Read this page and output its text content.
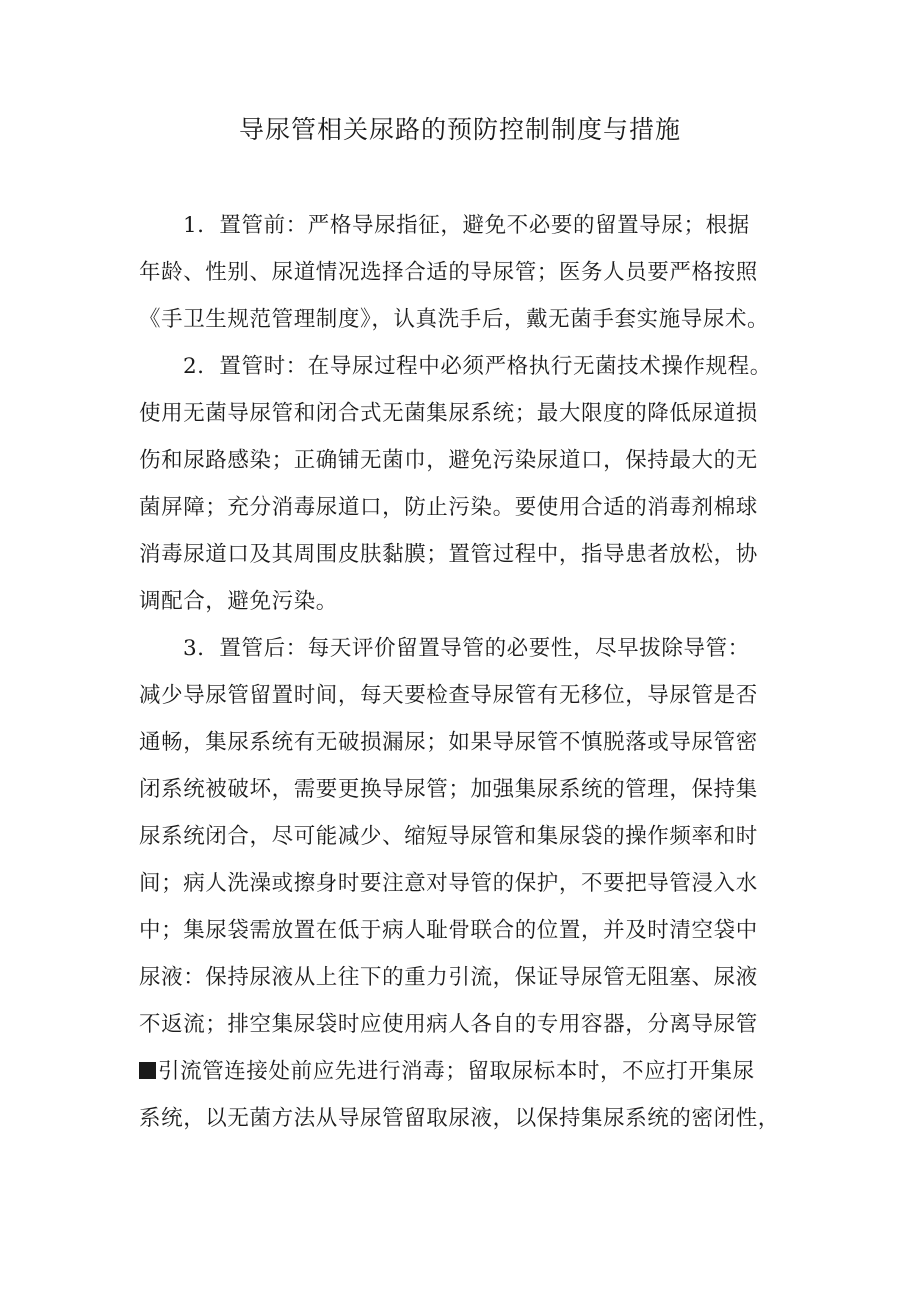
导尿管相关尿路的预防控制制度与措施

1．置管前：严格导尿指征，避免不必要的留置导尿；根据
年龄、性别、尿道情况选择合适的导尿管；医务人员要严格按照
《手卫生规范管理制度》，认真洗手后，戴无菌手套实施导尿术。

2．置管时：在导尿过程中必须严格执行无菌技术操作规程。
使用无菌导尿管和闭合式无菌集尿系统；最大限度的降低尿道损
伤和尿路感染；正确铺无菌巾，避免污染尿道口，保持最大的无
菌屏障；充分消毒尿道口，防止污染。要使用合适的消毒剂棉球
消毒尿道口及其周围皮肤黏膜；置管过程中，指导患者放松，协
调配合，避免污染。

3．置管后：每天评价留置导管的必要性，尽早拔除导管：
减少导尿管留置时间，每天要检查导尿管有无移位，导尿管是否
通畅，集尿系统有无破损漏尿；如果导尿管不慎脱落或导尿管密
闭系统被破坏，需要更换导尿管；加强集尿系统的管理，保持集
尿系统闭合，尽可能减少、缩短导尿管和集尿袋的操作频率和时
间；病人洗澡或擦身时要注意对导管的保护，不要把导管浸入水
中；集尿袋需放置在低于病人耻骨联合的位置，并及时清空袋中
尿液：保持尿液从上往下的重力引流，保证导尿管无阻塞、尿液
不返流；排空集尿袋时应使用病人各自的专用容器，分离导尿管
引流管连接处前应先进行消毒；留取尿标本时，不应打开集尿
系统，以无菌方法从导尿管留取尿液，以保持集尿系统的密闭性，
